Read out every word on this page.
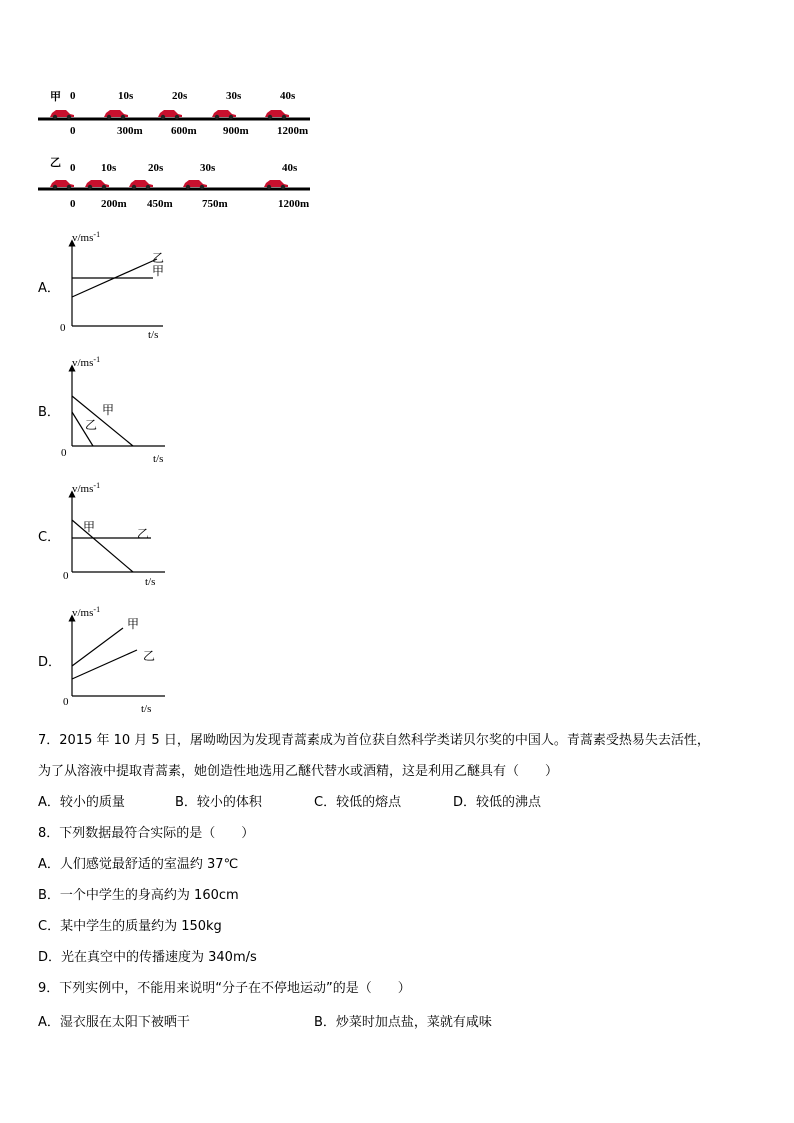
甲 0	10s	20s	30s	40s
0	300m	600m 900m	1200m
乙 0 10s	20s	30s	40s
0 200m 450m	750m	1200m
A．
$v/ms^{-1}$
0
t/s
乙
甲
B．
$v/ms^{-1}$
0	t/s
甲
乙
C．
$v/ms^{-1}$
0	t/s
甲	乙
D．
$v/ms^{-1}$
0
t/s
甲
乙
7．2015 年 10 月 5 日，屠呦呦因为发现青蒿素成为首位获自然科学类诺贝尔奖的中国人。青蒿素受热易失去活性，
为了从溶液中提取青蒿素，她创造性地选用乙醚代替水或酒精，这是利用乙醚具有（　　）
A．较小的质量	B．较小的体积	C．较低的熔点	D．较低的沸点
8．下列数据最符合实际的是（　　）
A．人们感觉最舒适的室温约 37℃
B．一个中学生的身高约为 160cm
C．某中学生的质量约为 150kg
D．光在真空中的传播速度为 340m/s
9．下列实例中，不能用来说明“分子在不停地运动”的是（　　）
A．湿衣服在太阳下被晒干	B．炒菜时加点盐，菜就有咸味
